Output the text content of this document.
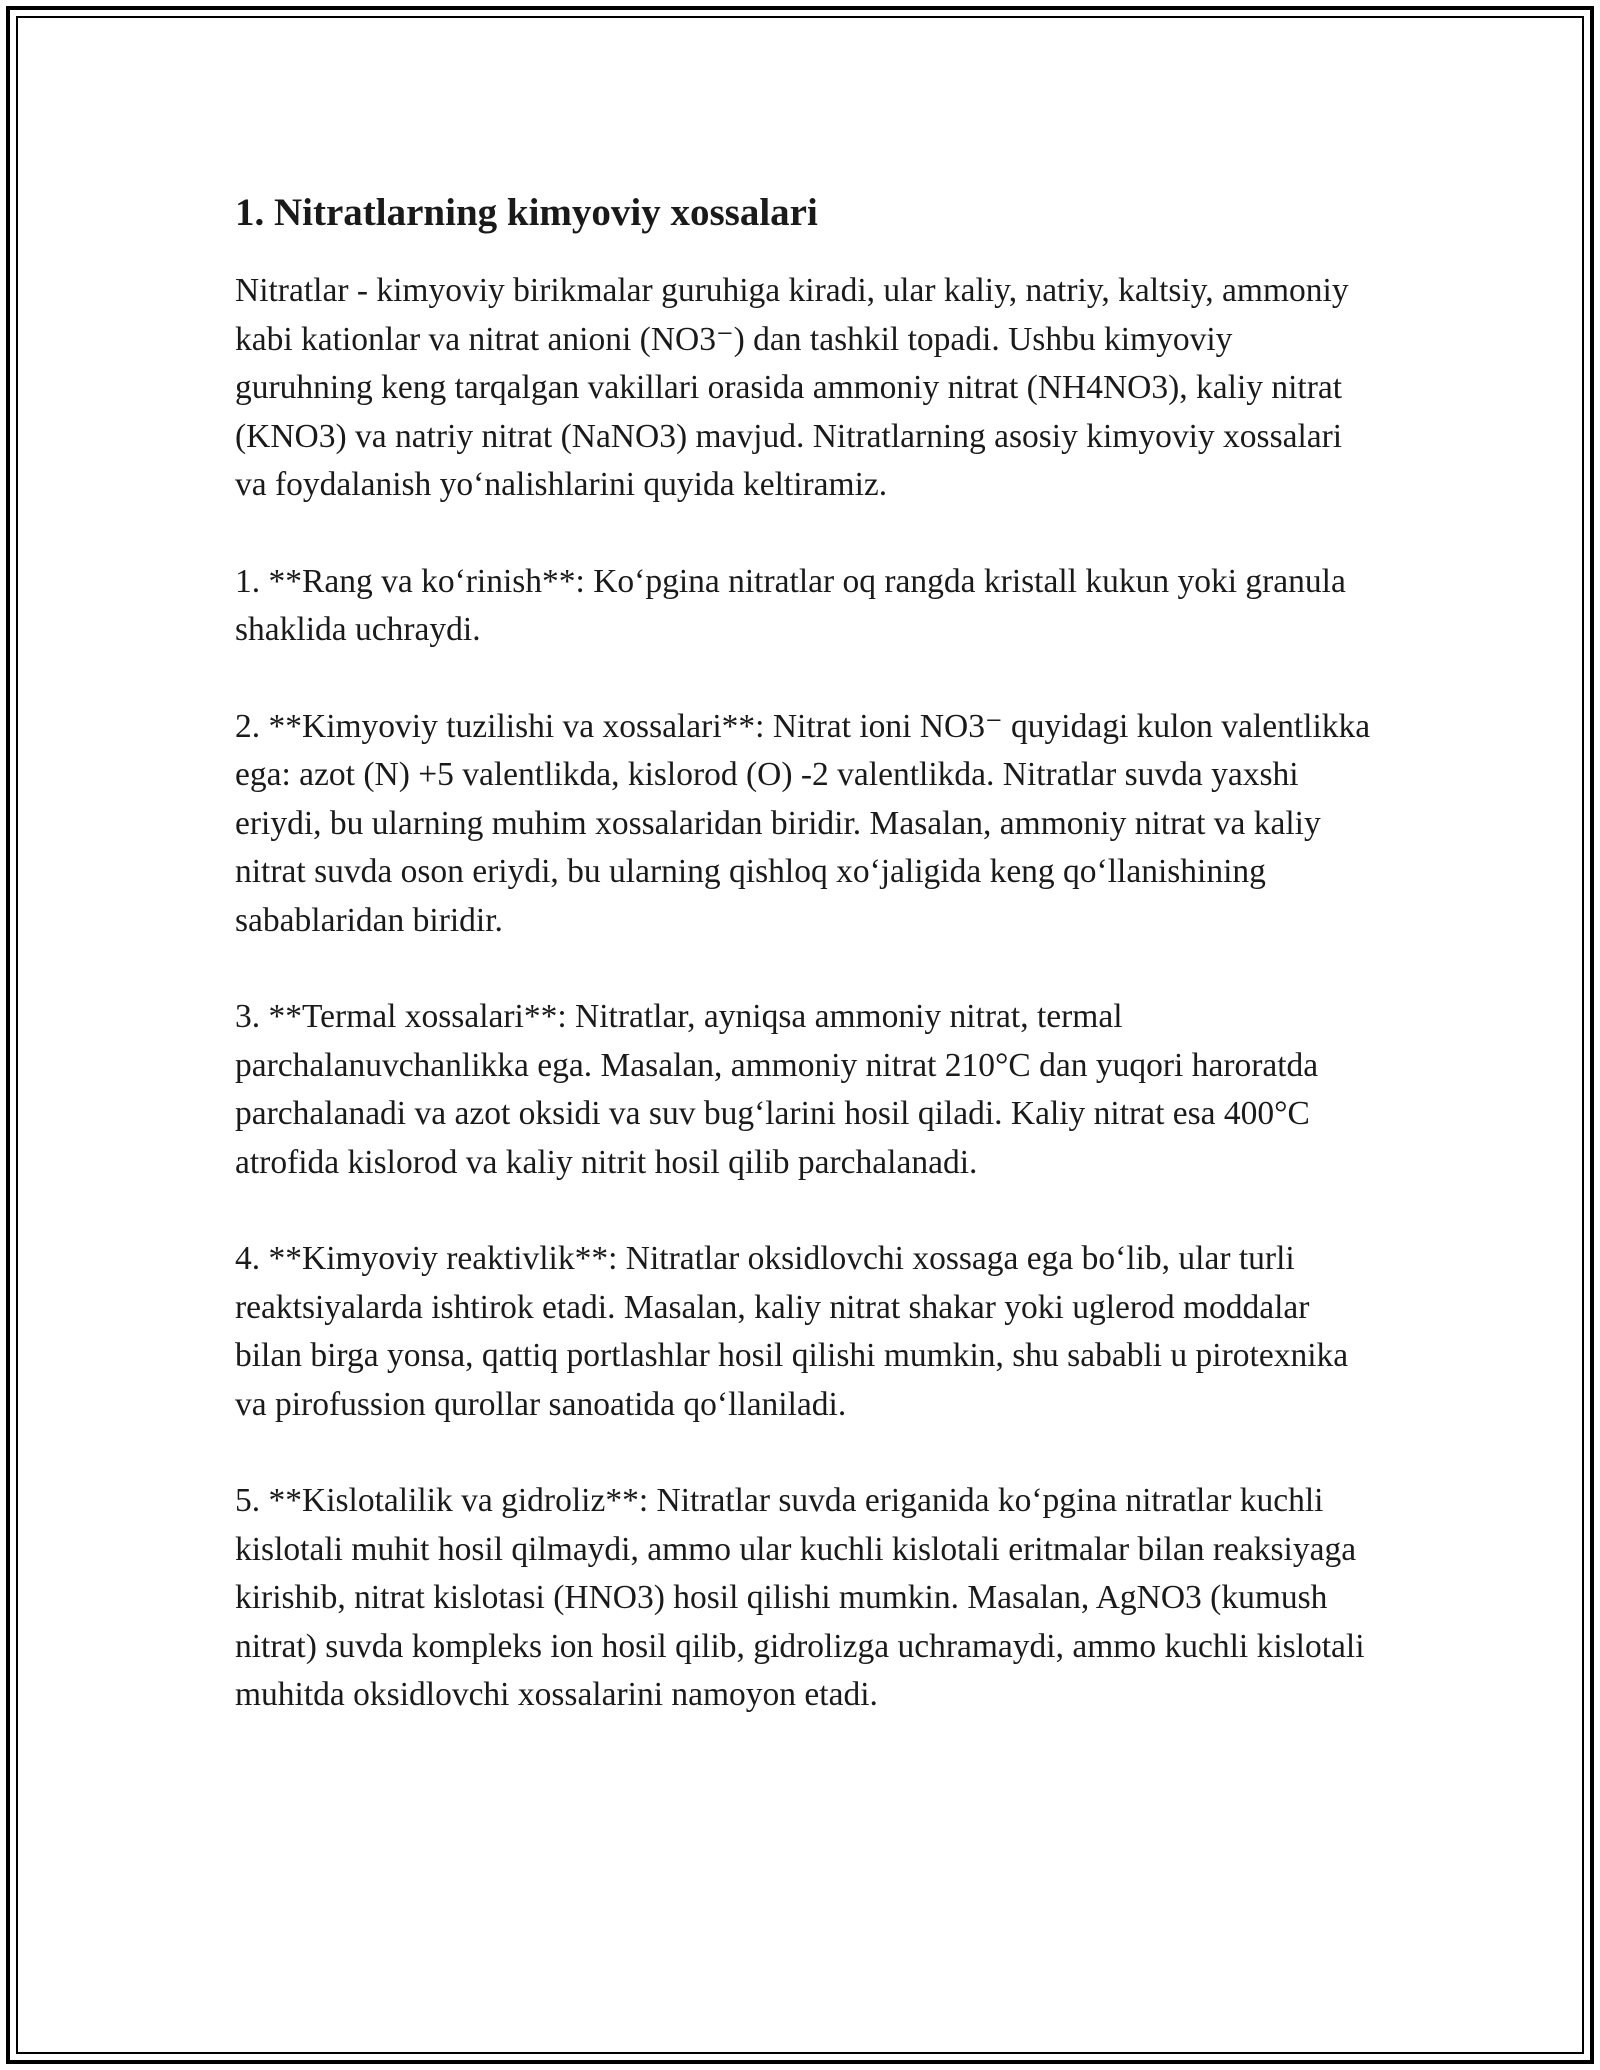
1. Nitratlarning kimyoviy xossalari

Nitratlar - kimyoviy birikmalar guruhiga kiradi, ular kaliy, natriy, kaltsiy, ammoniy kabi kationlar va nitrat anioni (NO3⁻) dan tashkil topadi. Ushbu kimyoviy guruhning keng tarqalgan vakillari orasida ammoniy nitrat (NH4NO3), kaliy nitrat (KNO3) va natriy nitrat (NaNO3) mavjud. Nitratlarning asosiy kimyoviy xossalari va foydalanish yo‘nalishlarini quyida keltiramiz.

1. **Rang va ko‘rinish**: Ko‘pgina nitratlar oq rangda kristall kukun yoki granula shaklida uchraydi.

2. **Kimyoviy tuzilishi va xossalari**: Nitrat ioni NO3⁻ quyidagi kulon valentlikka ega: azot (N) +5 valentlikda, kislorod (O) -2 valentlikda. Nitratlar suvda yaxshi eriydi, bu ularning muhim xossalaridan biridir. Masalan, ammoniy nitrat va kaliy nitrat suvda oson eriydi, bu ularning qishloq xo‘jaligida keng qo‘llanishining sabablaridan biridir.

3. **Termal xossalari**: Nitratlar, ayniqsa ammoniy nitrat, termal parchalanuvchanlikka ega. Masalan, ammoniy nitrat 210°C dan yuqori haroratda parchalanadi va azot oksidi va suv bug‘larini hosil qiladi. Kaliy nitrat esa 400°C atrofida kislorod va kaliy nitrit hosil qilib parchalanadi.

4. **Kimyoviy reaktivlik**: Nitratlar oksidlovchi xossaga ega bo‘lib, ular turli reaktsiyalarda ishtirok etadi. Masalan, kaliy nitrat shakar yoki uglerod moddalar bilan birga yonsa, qattiq portlashlar hosil qilishi mumkin, shu sababli u pirotexnika va pirofussion qurollar sanoatida qo‘llaniladi.

5. **Kislotalilik va gidroliz**: Nitratlar suvda eriganida ko‘pgina nitratlar kuchli kislotali muhit hosil qilmaydi, ammo ular kuchli kislotali eritmalar bilan reaksiyaga kirishib, nitrat kislotasi (HNO3) hosil qilishi mumkin. Masalan, AgNO3 (kumush nitrat) suvda kompleks ion hosil qilib, gidrolizga uchramaydi, ammo kuchli kislotali muhitda oksidlovchi xossalarini namoyon etadi.
